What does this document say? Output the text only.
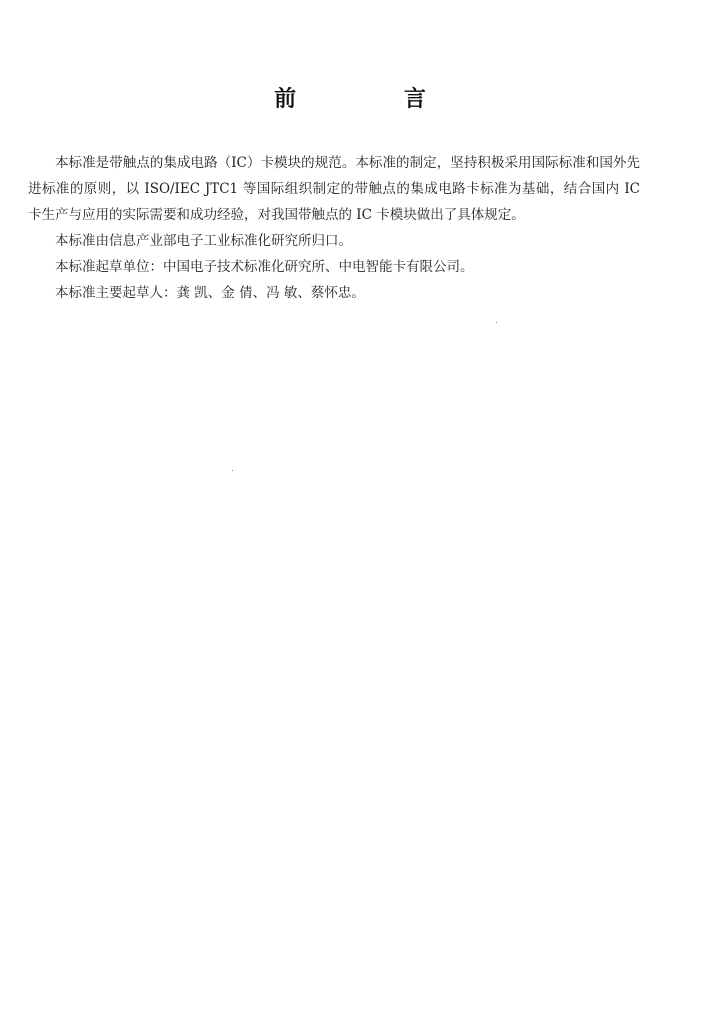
前 言

本标准是带触点的集成电路（IC）卡模块的规范。本标准的制定，坚持积极采用国际标准和国外先进标准的原则，以 ISO/IEC JTC1 等国际组织制定的带触点的集成电路卡标准为基础，结合国内 IC 卡生产与应用的实际需要和成功经验，对我国带触点的 IC 卡模块做出了具体规定。

本标准由信息产业部电子工业标准化研究所归口。

本标准起草单位：中国电子技术标准化研究所、中电智能卡有限公司。

本标准主要起草人：龚 凯、金 倩、冯 敏、蔡怀忠。
